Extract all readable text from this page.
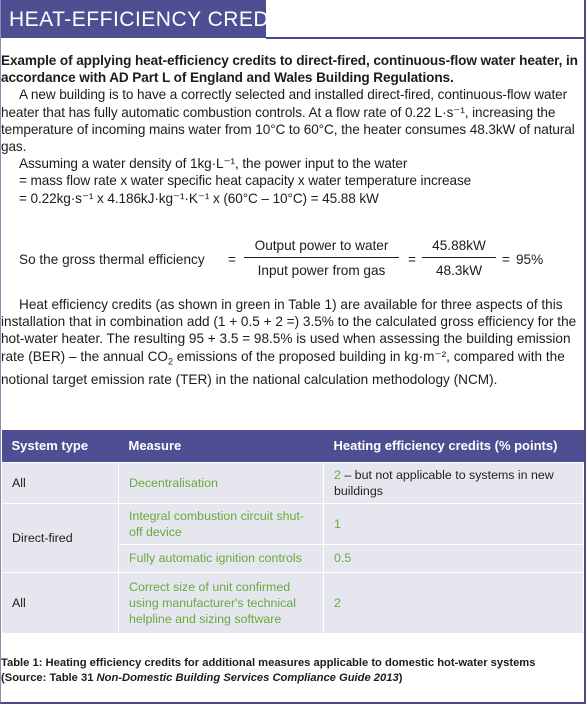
HEAT-EFFICIENCY CREDITS

Example of applying heat-efficiency credits to direct-fired, continuous-flow water heater, in accordance with AD Part L of England and Wales Building Regulations.

A new building is to have a correctly selected and installed direct-fired, continuous-flow water heater that has fully automatic combustion controls. At a flow rate of 0.22 L·s⁻¹, increasing the temperature of incoming mains water from 10°C to 60°C, the heater consumes 48.3kW of natural gas.

Assuming a water density of 1kg·L⁻¹, the power input to the water

= mass flow rate x water specific heat capacity x water temperature increase

= 0.22kg·s⁻¹ x 4.186kJ·kg⁻¹·K⁻¹ x (60°C – 10°C) = 45.88 kW

So the gross thermal efficiency =
Output power to water
Input power from gas
= $\frac{45.88kW}{48.3kW} = 95\%$
Heat efficiency credits (as shown in green in Table 1) are available for three aspects of this installation that in combination add (1 + 0.5 + 2 =) 3.5% to the calculated gross efficiency for the hot-water heater. The resulting 95 + 3.5 = 98.5% is used when assessing the building emission rate (BER) – the annual $CO_2$ emissions of the proposed building in kg·m⁻², compared with the notional target emission rate (TER) in the national calculation methodology (NCM).
System type	Measure	Heating efficiency credits (% points)
All	Decentralisation	2 – but not applicable to systems in new buildings
Direct-fired	Integral combustion circuit shut-off device	1
	Fully automatic ignition controls	0.5
All	Correct size of unit confirmed using manufacturer's technical helpline and sizing software	2
Table 1: Heating efficiency credits for additional measures applicable to domestic hot-water systems (Source: Table 31 Non-Domestic Building Services Compliance Guide 2013)
